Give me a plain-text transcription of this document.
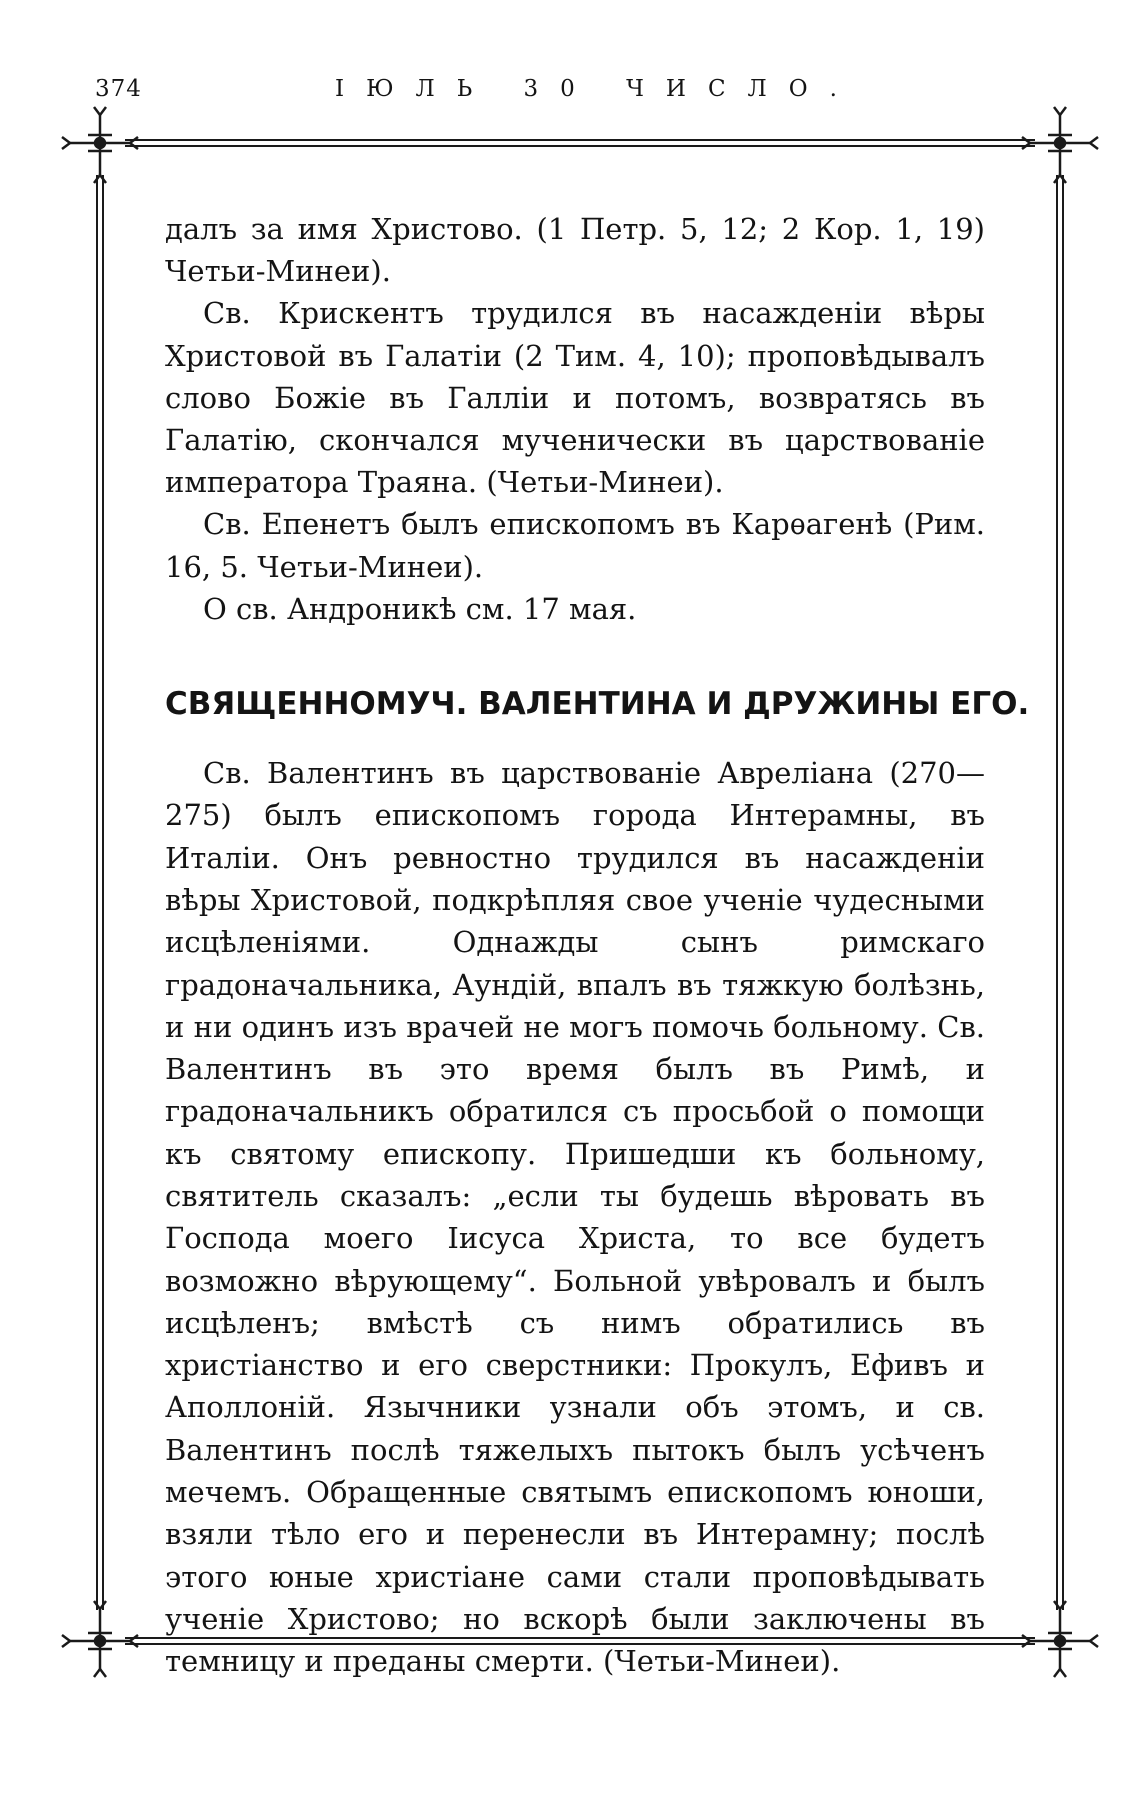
374	ІЮЛЬ 30 ЧИСЛО.

далъ за имя Христово. (1 Петр. 5, 12; 2 Кор. 1, 19) Четьи-Минеи).

Св. Крискентъ трудился въ насажденіи вѣры Христовой въ Галатіи (2 Тим. 4, 10); проповѣдывалъ слово Божіе въ Галліи и потомъ, возвратясь въ Галатію, скончался мученически въ царствованіе императора Траяна. (Четьи-Минеи).

Св. Епенетъ былъ епископомъ въ Карѳагенѣ (Рим. 16, 5. Четьи-Минеи).

О св. Андроникѣ см. 17 мая.

СВЯЩЕННОМУЧ. ВАЛЕНТИНА И ДРУЖИНЫ ЕГО.

Св. Валентинъ въ царствованіе Авреліана (270—275) былъ епископомъ города Интерамны, въ Италіи. Онъ ревностно трудился въ насажденіи вѣры Христовой, подкрѣпляя свое ученіе чудесными исцѣленіями. Однажды сынъ римскаго градоначальника, Аундій, впалъ въ тяжкую болѣзнь, и ни одинъ изъ врачей не могъ помочь больному. Св. Валентинъ въ это время былъ въ Римѣ, и градоначальникъ обратился съ просьбой о помощи къ святому епископу. Пришедши къ больному, святитель сказалъ: „если ты будешь вѣровать въ Господа моего Іисуса Христа, то все будетъ возможно вѣрующему“. Больной увѣровалъ и былъ исцѣленъ; вмѣстѣ съ нимъ обратились въ христіанство и его сверстники: Прокулъ, Ефивъ и Аполлоній. Язычники узнали объ этомъ, и св. Валентинъ послѣ тяжелыхъ пытокъ былъ усѣченъ мечемъ. Обращенные святымъ епископомъ юноши, взяли тѣло его и перенесли въ Интерамну; послѣ этого юные христіане сами стали проповѣдывать ученіе Христово; но вскорѣ были заключены въ темницу и преданы смерти. (Четьи-Минеи).
